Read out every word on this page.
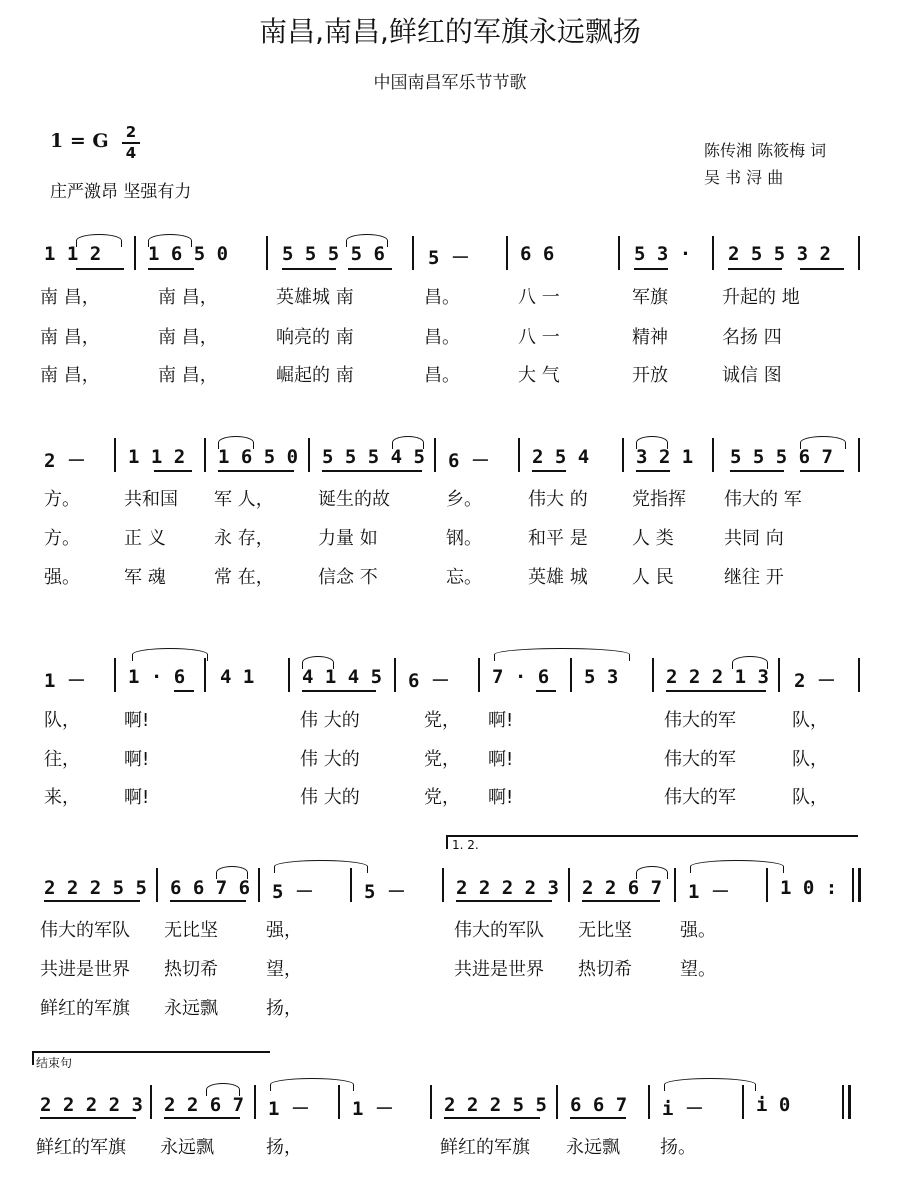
南昌,南昌,鲜红的军旗永远飘扬
中国南昌军乐节节歌
1 = G 2
4
庄严激昂 坚强有力
陈传湘 陈筱梅 词
吴 书 浔 曲
1 1 2 1 6 5 0	5 5 5 5 6 5 －	6 6	5 3 · 2 5 5 3 2
南 昌，	南 昌，	英雄城 南	昌。	八 一	军旗	升起的 地
南 昌，	南 昌，	响亮的 南	昌。	八 一	精神	名扬 四
南 昌，	南 昌，	崛起的 南	昌。	大 气	开放	诚信 图
2 － 1 1 2 1 6 5 0 5 5 5 4 5 6 － 2 5 4 3 2 1 5 5 5 6 7
方。 共和国 军 人， 诞生的故	乡。	伟大 的 党指挥 伟大的 军
方。 正 义	永 存， 力量 如	钢。	和平 是 人 类	共同 向
强。 军 魂	常 在， 信念 不	忘。	英雄 城 人 民	继往 开
1 － 1 · 6 4 1	4 1 4 5 6 － 7 · 6 5 3	2 2 2 1 3 2 －
队， 啊!	伟 大的	党， 啊!	伟大的军	队，
往， 啊!	伟 大的	党， 啊!	伟大的军	队，
来， 啊!	伟 大的	党， 啊!	伟大的军	队，
1. 2.
2 2 2 5 5 6 6 7 6 5 －	5 －	2 2 2 2 3 2 2 6 7 1 －	1 0 :
伟大的军队 无比坚	强，	伟大的军队 无比坚	强。
共进是世界 热切希	望，	共进是世界 热切希	望。
鲜红的军旗 永远飘	扬，
结束句
2 2 2 2 3 2 2 6 7 1 － 1 －	2 2 2 5 5 6 6 7 i －	i 0
鲜红的军旗 永远飘	扬，	鲜红的军旗 永远飘 扬。
